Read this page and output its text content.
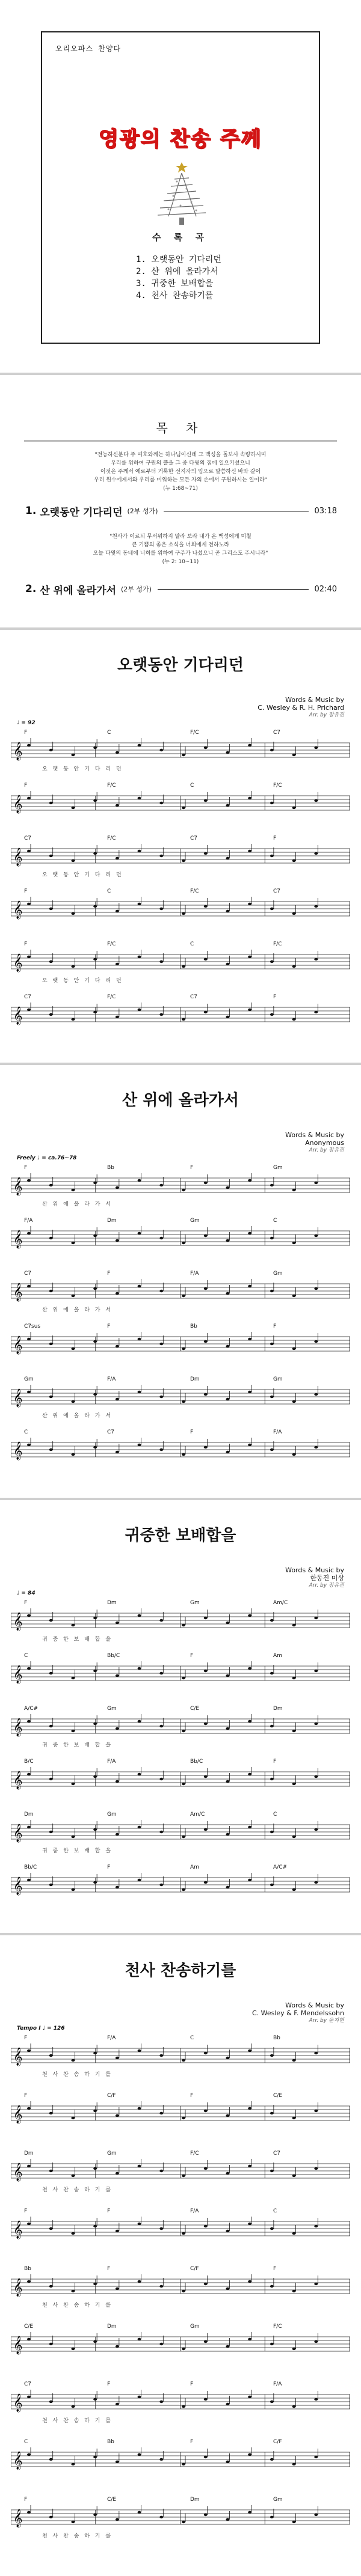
오리오파스 찬양다
영광의 찬송 주께
수 록 곡
1. 오랫동안 기다리던
2. 산 위에 올라가서
3. 귀중한 보배합을
4. 천사 찬송하기를
목 차
"전능하신분다 주 여호와께는 하나님이신데 그 백성을 돌보사 속량하시며
우리를 위하여 구원의 뿔을 그 종 다윗의 집에 일으키셨으니
이것은 주께서 예로부터 거룩한 선지자의 입으로 말씀하신 바와 같이
우리 원수에게서와 우리를 미워하는 모든 자의 손에서 구원하시는 일이라"
(누 1:68~71)
1.
오랫동안 기다리던 (2부 성가)	03:18
"천사가 이르되 무서워하지 말라 보라 내가 온 백성에게 미칠
큰 기쁨의 좋은 소식을 너희에게 전하노라
오늘 다윗의 동네에 너희를 위하여 구주가 나셨으니 곧 그리스도 주시니라"
(누 2: 10~11)
2.
산 위에 올라가서 (2부 성가)	02:40
오랫동안 기다리던
Words & Music by
C. Wesley & R. H. Prichard
Arr. by 장유진
♩ = 92
𝄞
F	C	F/C	C7
오 랫 동 안 기 다 리 던
𝄞
F	F/C	C	F/C
𝄞
C7	F/C	C7	F
오 랫 동 안 기 다 리 던
𝄞
F	C	F/C	C7
𝄞
F	F/C	C	F/C
오 랫 동 안 기 다 리 던
𝄞
C7	F/C	C7	F
산 위에 올라가서
Words & Music by
Anonymous
Arr. by 장유진
Freely ♩ = ca.76~78
𝄞
F	Bb	F	Gm
산 위 에 올 라 가 서
𝄞
F/A	Dm	Gm	C
𝄞
C7	F	F/A	Gm
산 위 에 올 라 가 서
𝄞
C7sus	F	Bb	F
𝄞
Gm	F/A	Dm	Gm
산 위 에 올 라 가 서
𝄞
C	C7	F	F/A
귀중한 보배합을
Words & Music by
한동진 미상
Arr. by 장유진
♩ = 84
𝄞
F	Dm	Gm	Am/C
귀 중 한 보 배 합 을
𝄞
C	Bb/C	F	Am
𝄞
A/C#	Gm	C/E	Dm
귀 중 한 보 배 합 을
𝄞
B/C	F/A	Bb/C	F
𝄞
Dm	Gm	Am/C	C
귀 중 한 보 배 합 을
𝄞
Bb/C	F	Am	A/C#
천사 찬송하기를
Words & Music by
C. Wesley & F. Mendelssohn
Arr. by 윤지현
Tempo I ♩ = 126
𝄞
F	F/A	C	Bb
천 사 찬 송 하 기 를
𝄞
F	C/F	F	C/E
𝄞
Dm	Gm	F/C	C7
천 사 찬 송 하 기 를
𝄞
F	F	F/A	C
𝄞
Bb	F	C/F	F
천 사 찬 송 하 기 를
𝄞
C/E	Dm	Gm	F/C
𝄞
C7	F	F	F/A
천 사 찬 송 하 기 를
𝄞
C	Bb	F	C/F
𝄞
F	C/E	Dm	Gm
천 사 찬 송 하 기 를
